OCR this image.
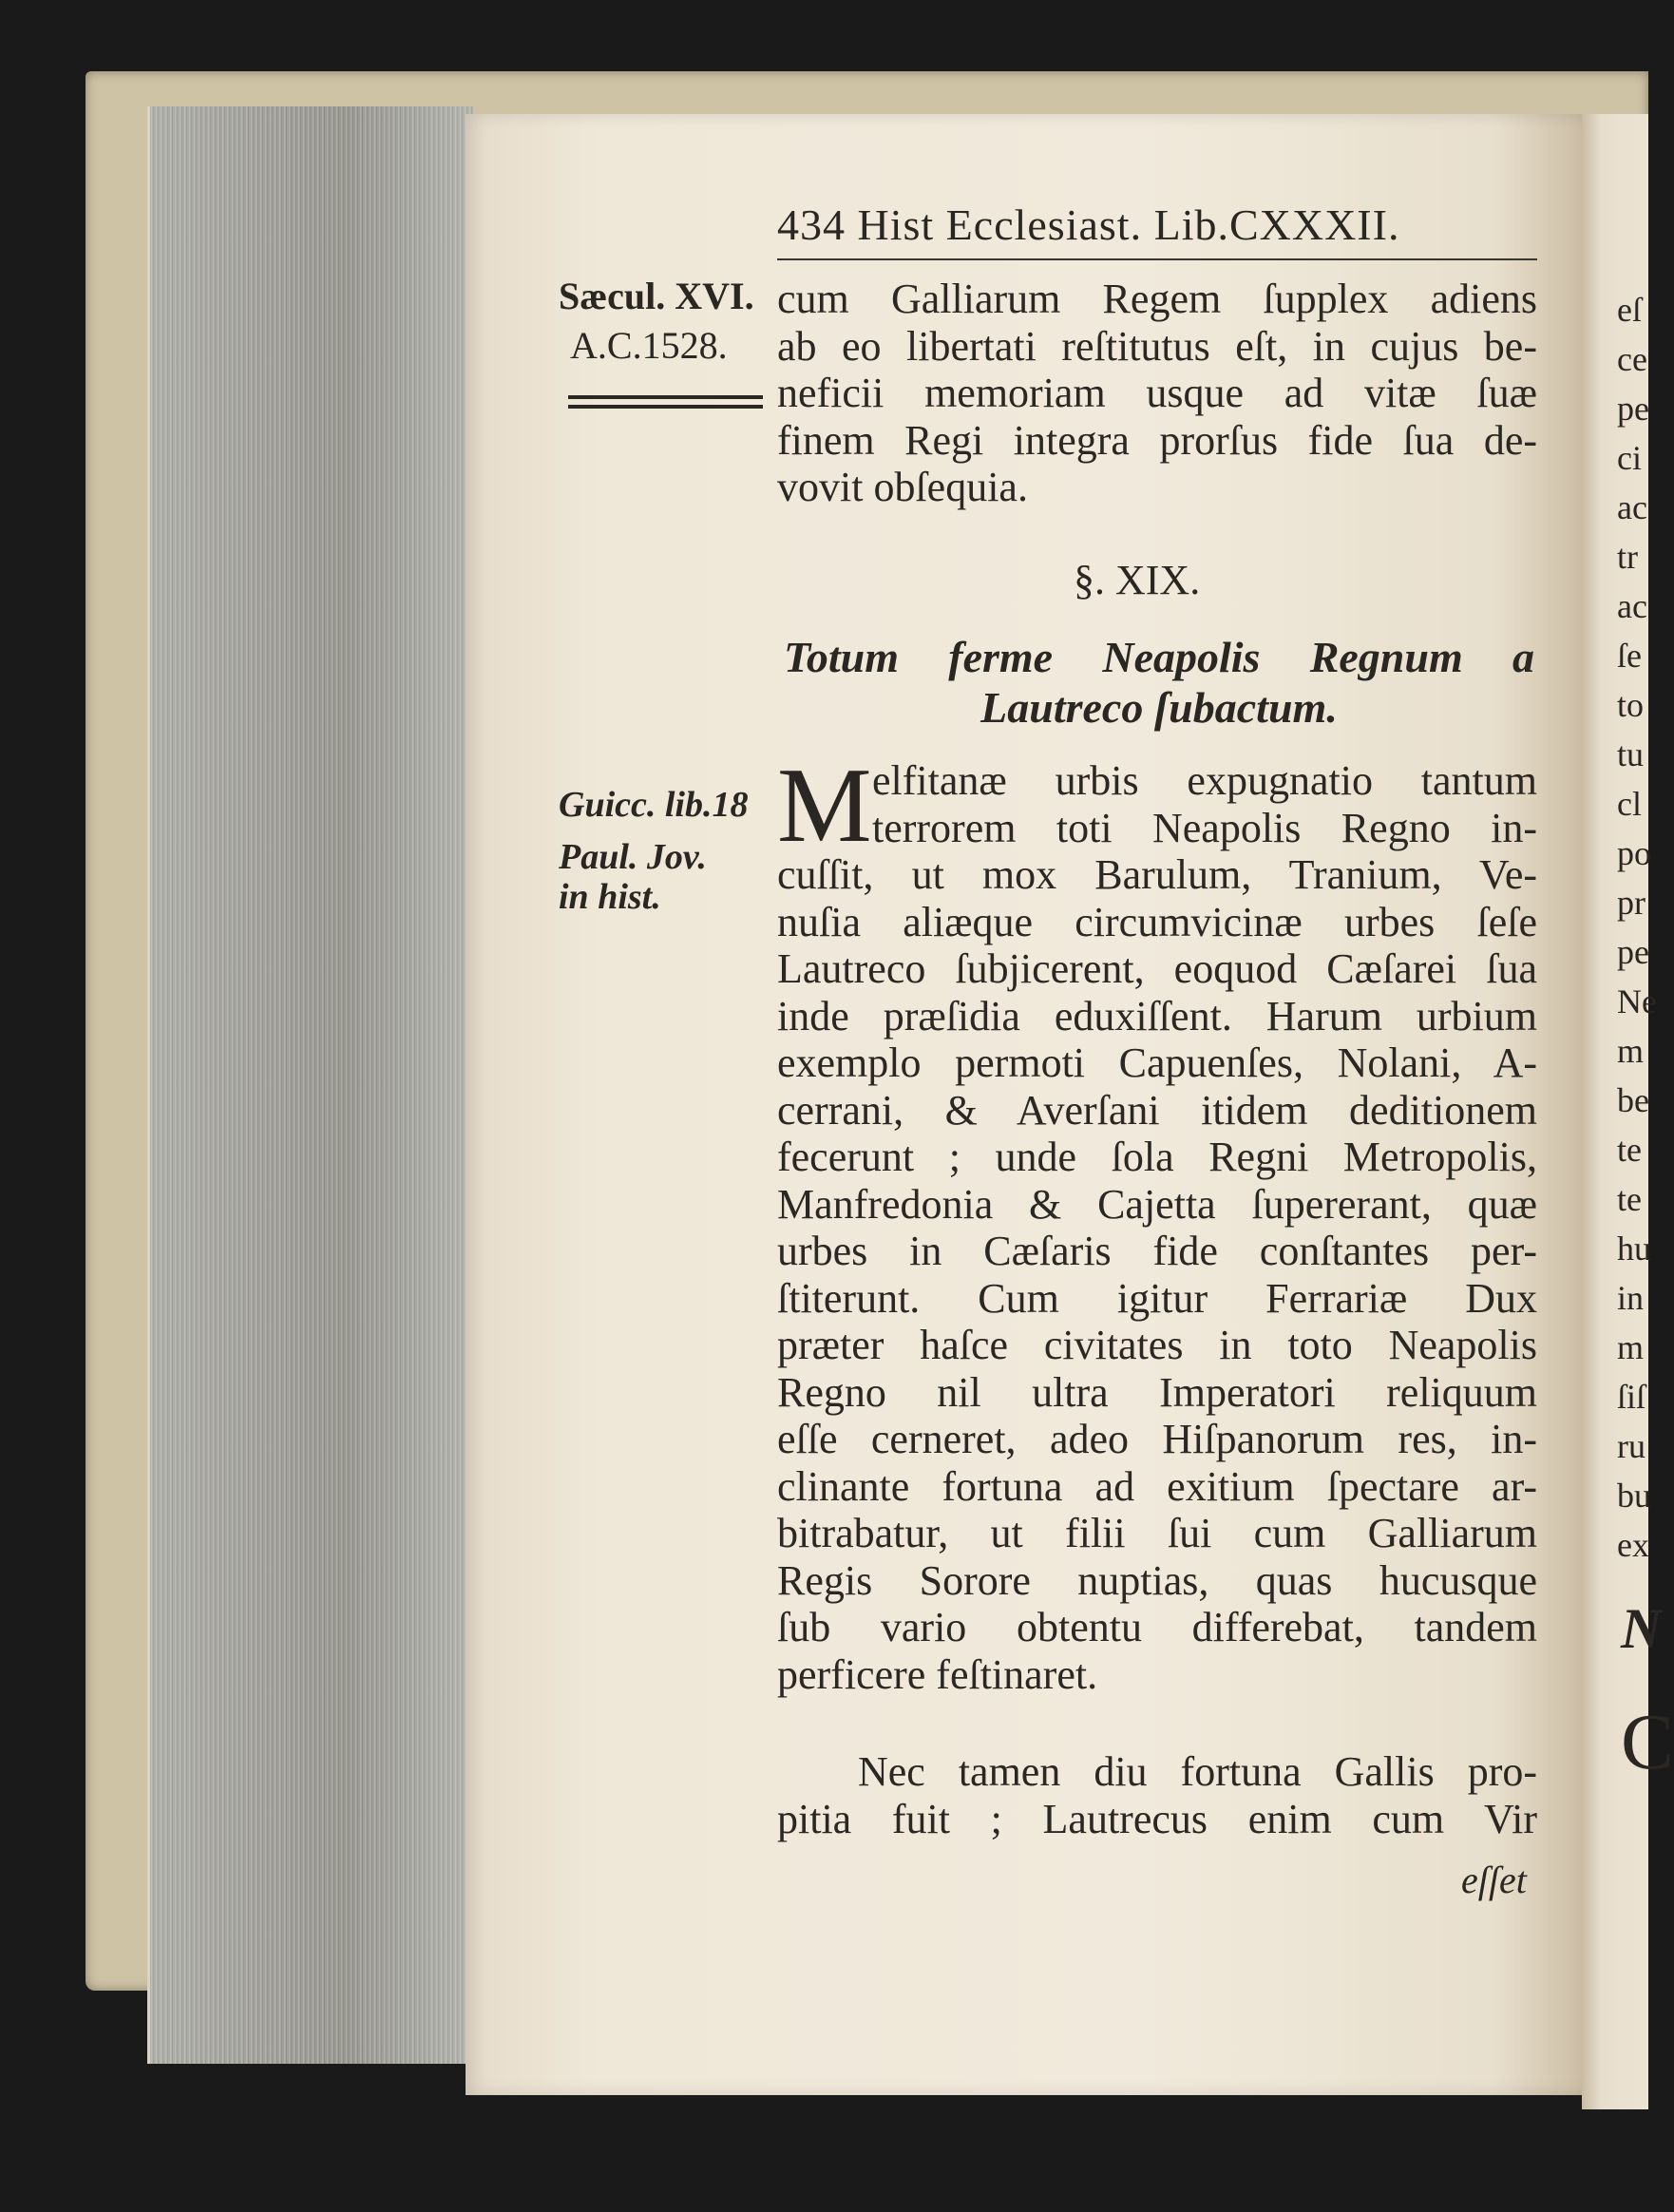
434 Hist Ecclesiast. Lib.CXXXII.
Sæcul. XVI.
A.C.1528.
Guicc. lib.18
Paul. Jov.
in hist.
cum Galliarum Regem ſupplex adiens
ab eo libertati reſtitutus eſt, in cujus be-
neficii memoriam usque ad vitæ ſuæ
finem Regi integra prorſus fide ſua de-
vovit obſequia.
§. XIX.
Totum ferme Neapolis Regnum a
Lautreco ſubactum.
M elfitanæ urbis expugnatio tantum
terrorem toti Neapolis Regno in-
cuſſit, ut mox Barulum, Tranium, Ve-
nuſia aliæque circumvicinæ urbes ſeſe
Lautreco ſubjicerent, eoquod Cæſarei ſua
inde præſidia eduxiſſent. Harum urbium
exemplo permoti Capuenſes, Nolani, A-
cerrani, & Averſani itidem deditionem
fecerunt ; unde ſola Regni Metropolis,
Manfredonia & Cajetta ſupererant, quæ
urbes in Cæſaris fide conſtantes per-
ſtiterunt. Cum igitur Ferrariæ Dux
præter haſce civitates in toto Neapolis
Regno nil ultra Imperatori reliquum
eſſe cerneret, adeo Hiſpanorum res, in-
clinante fortuna ad exitium ſpectare ar-
bitrabatur, ut filii ſui cum Galliarum
Regis Sorore nuptias, quas hucusque
ſub vario obtentu differebat, tandem
perficere feſtinaret.
Nec tamen diu fortuna Gallis pro-
pitia fuit ; Lautrecus enim cum Vir
eſſet
eſ
ce
pe
ci
ac
tr
ac
ſe
to
tu
cl
po
pr
pe
Ne
m
be
te
te
hu
in
m
ſiſ
ru
bu
ex
N
C
